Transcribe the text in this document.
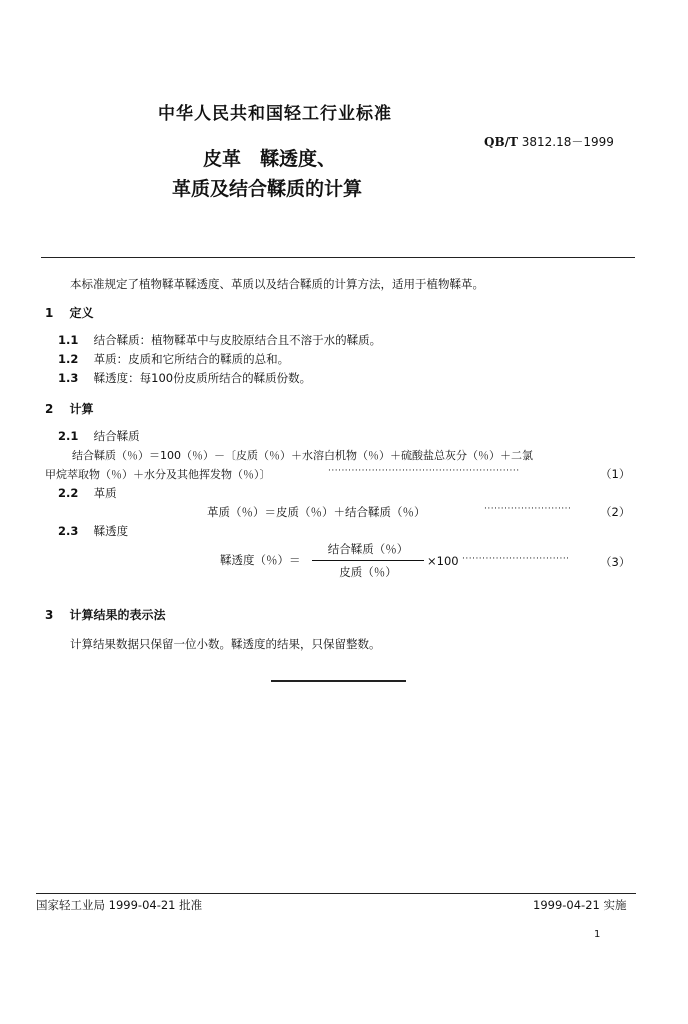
中华人民共和国轻工行业标准
QB/T 3812.18－1999
皮革　鞣透度、
革质及结合鞣质的计算
本标准规定了植物鞣革鞣透度、革质以及结合鞣质的计算方法，适用于植物鞣革。
1 定义
1.1 结合鞣质：植物鞣革中与皮胶原结合且不溶于水的鞣质。
1.2 革质：皮质和它所结合的鞣质的总和。
1.3 鞣透度：每100份皮质所结合的鞣质份数。
2 计算
2.1 结合鞣质
结合鞣质（％）＝100（％）－〔皮质（％）＋水溶白机物（％）＋硫酸盐总灰分（％）＋二氯
甲烷萃取物（％）＋水分及其他挥发物（％）〕	·························································	（1）
2.2 革质
革质（％）＝皮质（％）＋结合鞣质（％）	·························· （2）
2.3 鞣透度
鞣透度（％）＝
结合鞣质（％）
皮质（％）
×100 ································	（3）
3 计算结果的表示法
计算结果数据只保留一位小数。鞣透度的结果，只保留整数。
国家轻工业局 1999-04-21 批准	1999-04-21 实施
1
